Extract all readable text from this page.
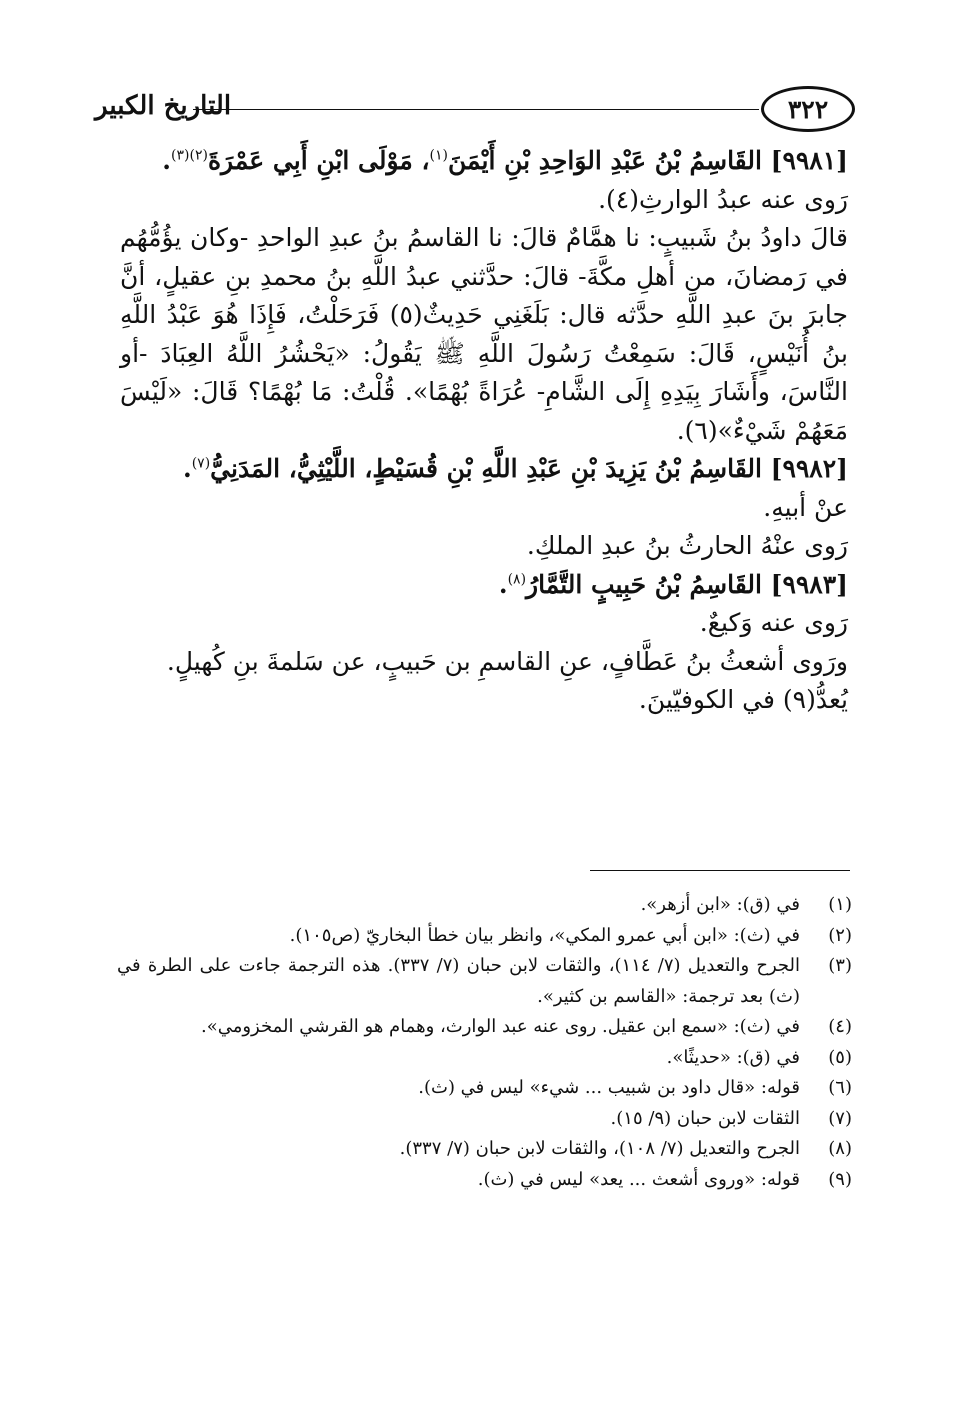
٣٢٢
التاريخ الكبير

[٩٩٨١] القَاسِمُ بْنُ عَبْدِ الوَاحِدِ بْنِ أَيْمَنَ$^{(١)}$، مَوْلَى ابْنِ أَبِي عَمْرَةَ$^{(٢)(٣)}$.

رَوى عنه عبدُ الوارثِ(٤).

قالَ داودُ بنُ شَبيبٍ: نا همَّامٌ قالَ: نا القاسمُ بنُ عبدِ الواحدِ -وكان يؤُمُّهُم في رَمضانَ، من أهلِ مكَّةَ- قالَ: حدَّثني عبدُ اللَّهِ بنُ محمدِ بنِ عقيلٍ، أنَّ جابرَ بنَ عبدِ اللَّهِ حدَّثه قال: بَلَغَنِي حَدِيثٌ(٥) فَرَحَلْتُ، فَإِذَا هُوَ عَبْدُ اللَّهِ بنُ أُنَيْسٍ، قَالَ: سَمِعْتُ رَسُولَ اللَّهِ ﷺ يَقُولُ: «يَحْشُرُ اللَّهُ العِبَادَ -أو النَّاسَ، وأَشَارَ بِيَدِهِ إِلَى الشَّامِ- عُرَاةً بُهْمًا». قُلْتُ: مَا بُهْمًا؟ قَالَ: «لَيْسَ مَعَهُمْ شَيْءٌ»(٦).

[٩٩٨٢] القَاسِمُ بْنُ يَزِيدَ بْنِ عَبْدِ اللَّهِ بْنِ قُسَيْطٍ، اللَّيْثِيُّ، المَدَنِيُّ$^{(٧)}$.

عنْ أبيهِ.

رَوى عنْهُ الحارثُ بنُ عبدِ الملكِ.

[٩٩٨٣] القَاسِمُ بْنُ حَبِيبٍ التَّمَّارُ$^{(٨)}$.

رَوى عنه وَكيعٌ.

ورَوى أشعثُ بنُ عَطَّافٍ، عنِ القاسمِ بن حَبيبٍ، عن سَلمةَ بنِ كُهيلٍ.

يُعدُّ(٩) في الكوفيّينَ.

(١)
في (ق): «ابن أزهر».

(٢)
في (ث): «ابن أبي عمرو المكي»، وانظر بيان خطأ البخاريّ (ص١٠٥).

(٣)
الجرح والتعديل (٧/ ١١٤)، والثقات لابن حبان (٧/ ٣٣٧). هذه الترجمة جاءت على الطرة في (ث) بعد ترجمة: «القاسم بن كثير».

(٤)
في (ث): «سمع ابن عقيل. روى عنه عبد الوارث، وهمام هو القرشي المخزومي».

(٥)
في (ق): «حديثًا».

(٦)
قوله: «قال داود بن شبيب ... شيء» ليس في (ث).

(٧)
الثقات لابن حبان (٩/ ١٥).

(٨)
الجرح والتعديل (٧/ ١٠٨)، والثقات لابن حبان (٧/ ٣٣٧).

(٩)
قوله: «وروى أشعث ... يعد» ليس في (ث).
